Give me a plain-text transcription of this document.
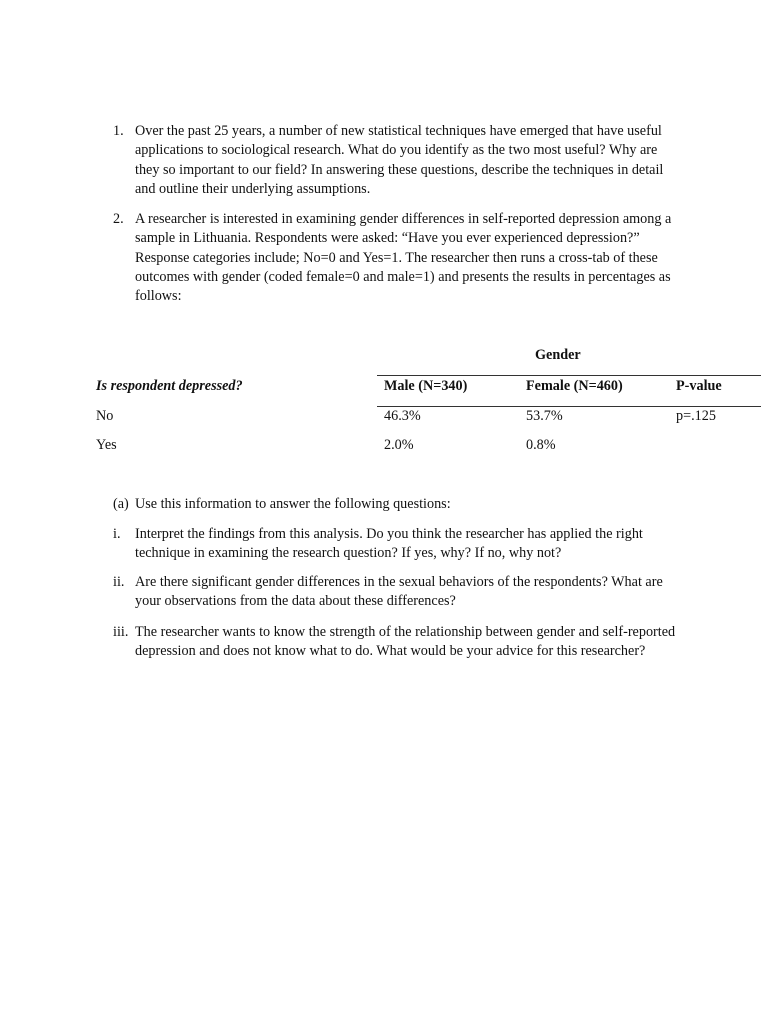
1. Over the past 25 years, a number of new statistical techniques have emerged that have useful applications to sociological research. What do you identify as the two most useful? Why are they so important to our field? In answering these questions, describe the techniques in detail and outline their underlying assumptions.
2. A researcher is interested in examining gender differences in self-reported depression among a sample in Lithuania. Respondents were asked: “Have you ever experienced depression?” Response categories include; No=0 and Yes=1. The researcher then runs a cross-tab of these outcomes with gender (coded female=0 and male=1) and presents the results in percentages as follows:
Gender
Is respondent depressed?	Male (N=340)	Female (N=460)	P-value
No	46.3%	53.7%	p=.125
Yes	2.0%	0.8%
(a) Use this information to answer the following questions:
i. Interpret the findings from this analysis. Do you think the researcher has applied the right technique in examining the research question? If yes, why? If no, why not?
ii. Are there significant gender differences in the sexual behaviors of the respondents? What are your observations from the data about these differences?
iii. The researcher wants to know the strength of the relationship between gender and self-reported depression and does not know what to do. What would be your advice for this researcher?
